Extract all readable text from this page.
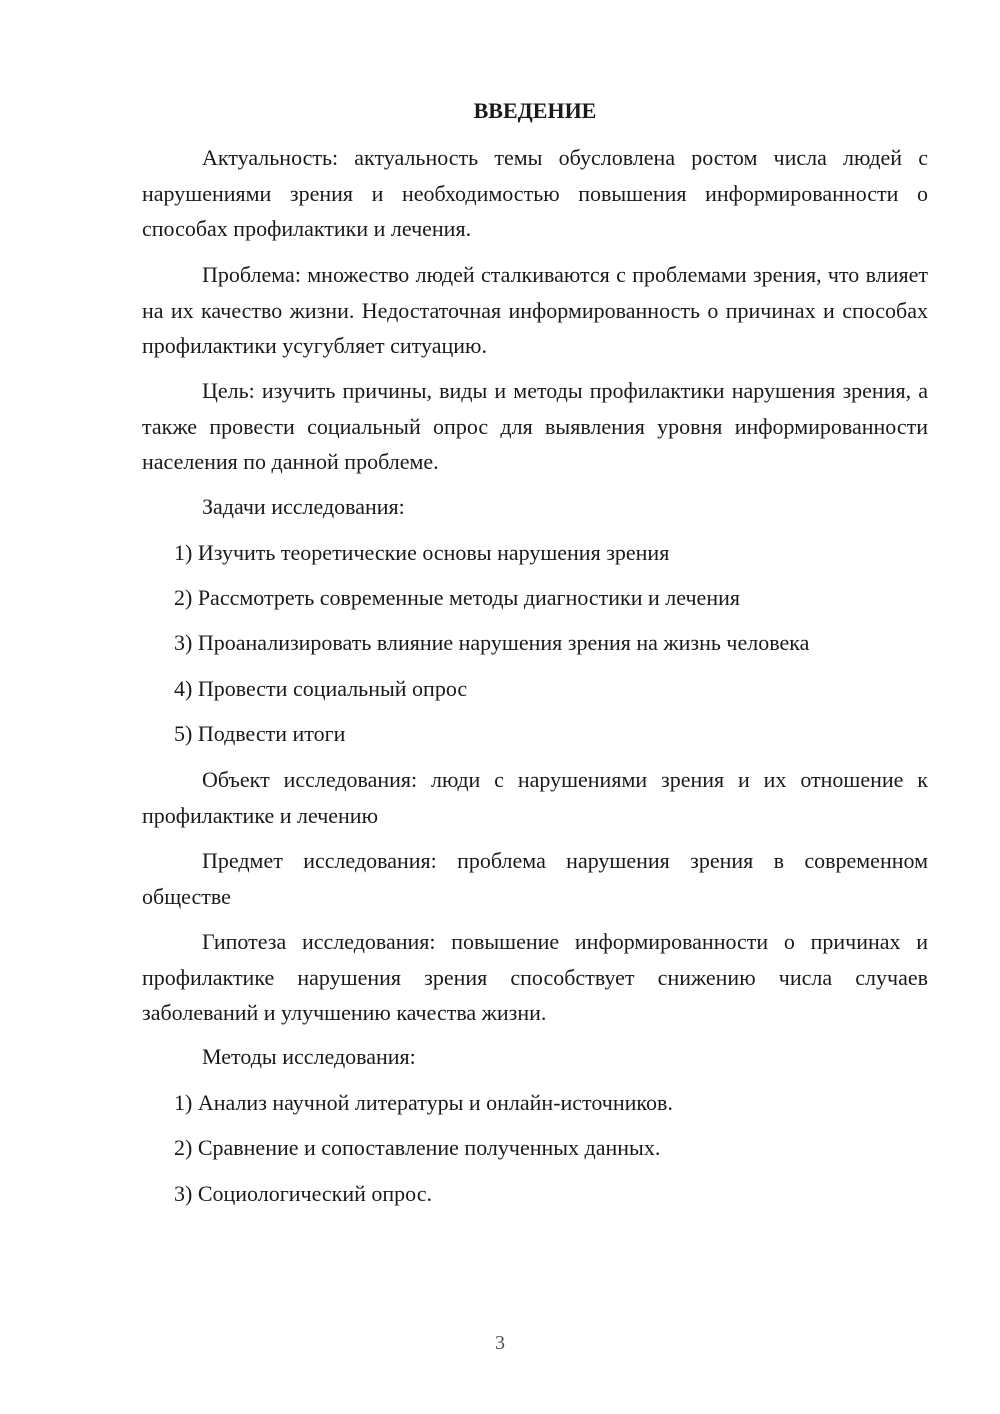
ВВЕДЕНИЕ

Актуальность: актуальность темы обусловлена ростом числа людей с нарушениями зрения и необходимостью повышения информированности о способах профилактики и лечения.

Проблема: множество людей сталкиваются с проблемами зрения, что влияет на их качество жизни. Недостаточная информированность о причинах и способах профилактики усугубляет ситуацию.

Цель: изучить причины, виды и методы профилактики нарушения зрения, а также провести социальный опрос для выявления уровня информированности населения по данной проблеме.

Задачи исследования:

1) Изучить теоретические основы нарушения зрения

2) Рассмотреть современные методы диагностики и лечения

3) Проанализировать влияние нарушения зрения на жизнь человека

4) Провести социальный опрос

5) Подвести итоги

Объект исследования: люди с нарушениями зрения и их отношение к профилактике и лечению

Предмет исследования: проблема нарушения зрения в современном обществе

Гипотеза исследования: повышение информированности о причинах и профилактике нарушения зрения способствует снижению числа случаев заболеваний и улучшению качества жизни.

Методы исследования:

1) Анализ научной литературы и онлайн-источников.

2) Сравнение и сопоставление полученных данных.

3) Социологический опрос.

3
